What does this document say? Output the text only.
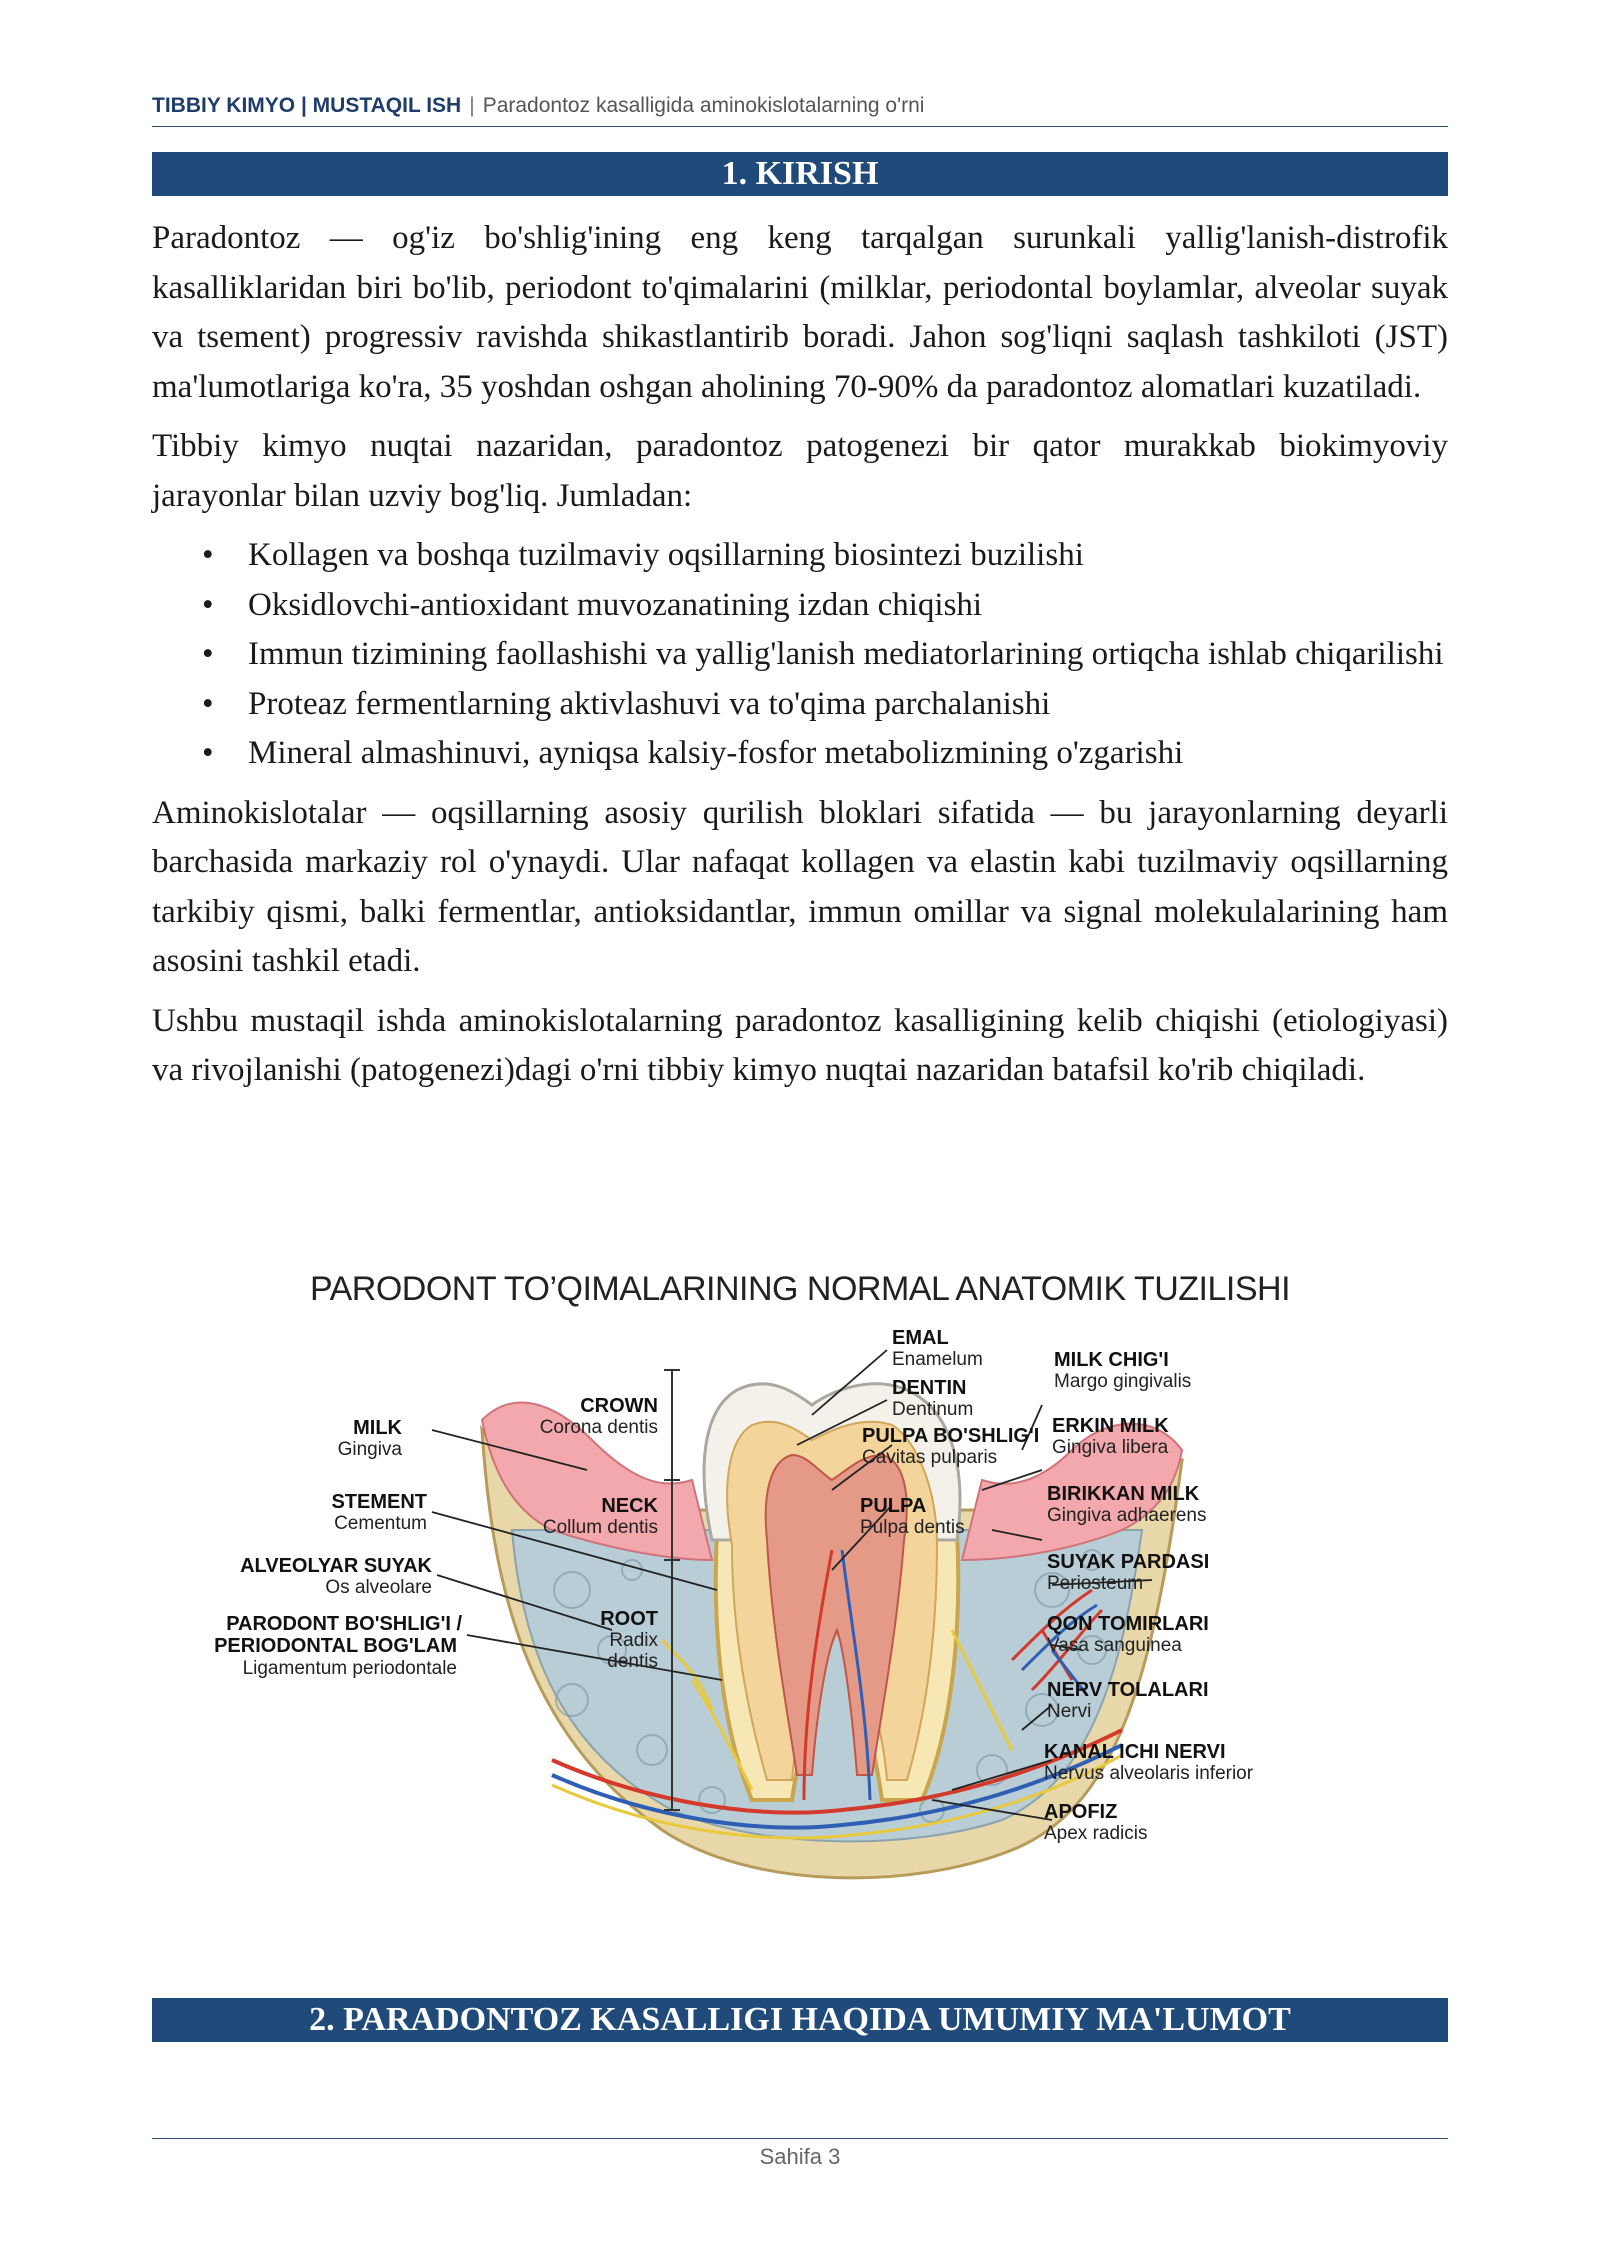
TIBBIY KIMYO | MUSTAQIL ISH | Paradontoz kasalligida aminokislotalarning o'rni
1. KIRISH

Paradontoz — og'iz bo'shlig'ining eng keng tarqalgan surunkali yallig'lanish-distrofik kasalliklaridan biri bo'lib, periodont to'qimalarini (milklar, periodontal boylamlar, alveolar suyak va tsement) progressiv ravishda shikastlantirib boradi. Jahon sog'liqni saqlash tashkiloti (JST) ma'lumotlariga ko'ra, 35 yoshdan oshgan aholining 70-90% da paradontoz alomatlari kuzatiladi.

Tibbiy kimyo nuqtai nazaridan, paradontoz patogenezi bir qator murakkab biokimyoviy jarayonlar bilan uzviy bog'liq. Jumladan:

• Kollagen va boshqa tuzilmaviy oqsillarning biosintezi buzilishi
• Oksidlovchi-antioxidant muvozanatining izdan chiqishi
• Immun tizimining faollashishi va yallig'lanish mediatorlarining ortiqcha ishlab chiqarilishi
• Proteaz fermentlarning aktivlashuvi va to'qima parchalanishi
• Mineral almashinuvi, ayniqsa kalsiy-fosfor metabolizmining o'zgarishi

Aminokislotalar — oqsillarning asosiy qurilish bloklari sifatida — bu jarayonlarning deyarli barchasida markaziy rol o'ynaydi. Ular nafaqat kollagen va elastin kabi tuzilmaviy oqsillarning tarkibiy qismi, balki fermentlar, antioksidantlar, immun omillar va signal molekulalarining ham asosini tashkil etadi.

Ushbu mustaqil ishda aminokislotalarning paradontoz kasalligining kelib chiqishi (etiologiyasi) va rivojlanishi (patogenezi)dagi o'rni tibbiy kimyo nuqtai nazaridan batafsil ko'rib chiqiladi.

PARODONT TO’QIMALARINING NORMAL ANATOMIK TUZILISHI
EMAL
Enamelum
DENTIN
Dentinum
PULPA BO'SHLIG'I
Cavitas pulparis
PULPA
Pulpa dentis
CROWN
Corona dentis
NECK
Collum dentis
ROOT
Radix
dentis
MILK
Gingiva
STEMENT
Cementum
ALVEOLYAR SUYAK
Os alveolare
PARODONT BO'SHLIG'I /
PERIODONTAL BOG'LAM
Ligamentum periodontale
MILK CHIG'I
Margo gingivalis
ERKIN MILK
Gingiva libera
BIRIKKAN MILK
Gingiva adhaerens
SUYAK PARDASI
Periosteum
QON TOMIRLARI
Vasa sanguinea
NERV TOLALARI
Nervi
KANAL ICHI NERVI
Nervus alveolaris inferior
APOFIZ
Apex radicis
2. PARADONTOZ KASALLIGI HAQIDA UMUMIY MA'LUMOT
Sahifa 3
